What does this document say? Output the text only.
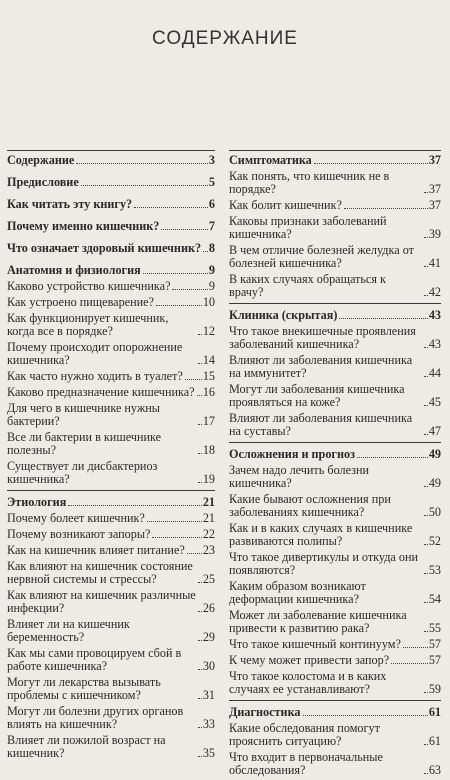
СОДЕРЖАНИЕ
Содержание	3
Предисловие	5
Как читать эту книгу?	6
Почему именно кишечник?	7
Что означает здоровый кишечник? 8
Анатомия и физиология	9
Каково устройство кишечника?	9
Как устроено пищеварение?	10
Как функционирует кишечник, когда все в порядке?	12
Почему происходит опорожнение кишечника?	14
Как часто нужно ходить в туалет? 15
Каково предназначение кишечника? 16
Для чего в кишечнике нужны бактерии?	17
Все ли бактерии в кишечнике полезны?	18
Существует ли дисбактериоз кишечника?	19
Этиология	21
Почему болеет кишечник?	21
Почему возникают запоры?	22
Как на кишечник влияет питание? 23
Как влияют на кишечник состояние нервной системы и стрессы?	25
Как влияют на кишечник различные инфекции?	26
Влияет ли на кишечник беременность?	29
Как мы сами провоцируем сбой в работе кишечника?	30
Могут ли лекарства вызывать проблемы с кишечником?	31
Могут ли болезни других органов влиять на кишечник?	33
Влияет ли пожилой возраст на кишечник?	35
Симптоматика	37
Как понять, что кишечник не в порядке?	37
Как болит кишечник?	37
Каковы признаки заболеваний кишечника?	39
В чем отличие болезней желудка от болезней кишечника?	41
В каких случаях обращаться к врачу?	42
Клиника (скрытая)	43
Что такое внекишечные проявления заболеваний кишечника?	43
Влияют ли заболевания кишечника на иммунитет?	44
Могут ли заболевания кишечника проявляться на коже?	45
Влияют ли заболевания кишечника на суставы?	47
Осложнения и прогноз	49
Зачем надо лечить болезни кишечника?	49
Какие бывают осложнения при заболеваниях кишечника?	50
Как и в каких случаях в кишечнике развиваются полипы?	52
Что такое дивертикулы и откуда они появляются?	53
Каким образом возникают деформации кишечника?	54
Может ли заболевание кишечника привести к развитию рака?	55
Что такое кишечный континуум? 57
К чему может привести запор?	57
Что такое колостома и в каких случаях ее устанавливают?	59
Диагностика	61
Какие обследования помогут прояснить ситуацию?	61
Что входит в первоначальные обследования?	63
